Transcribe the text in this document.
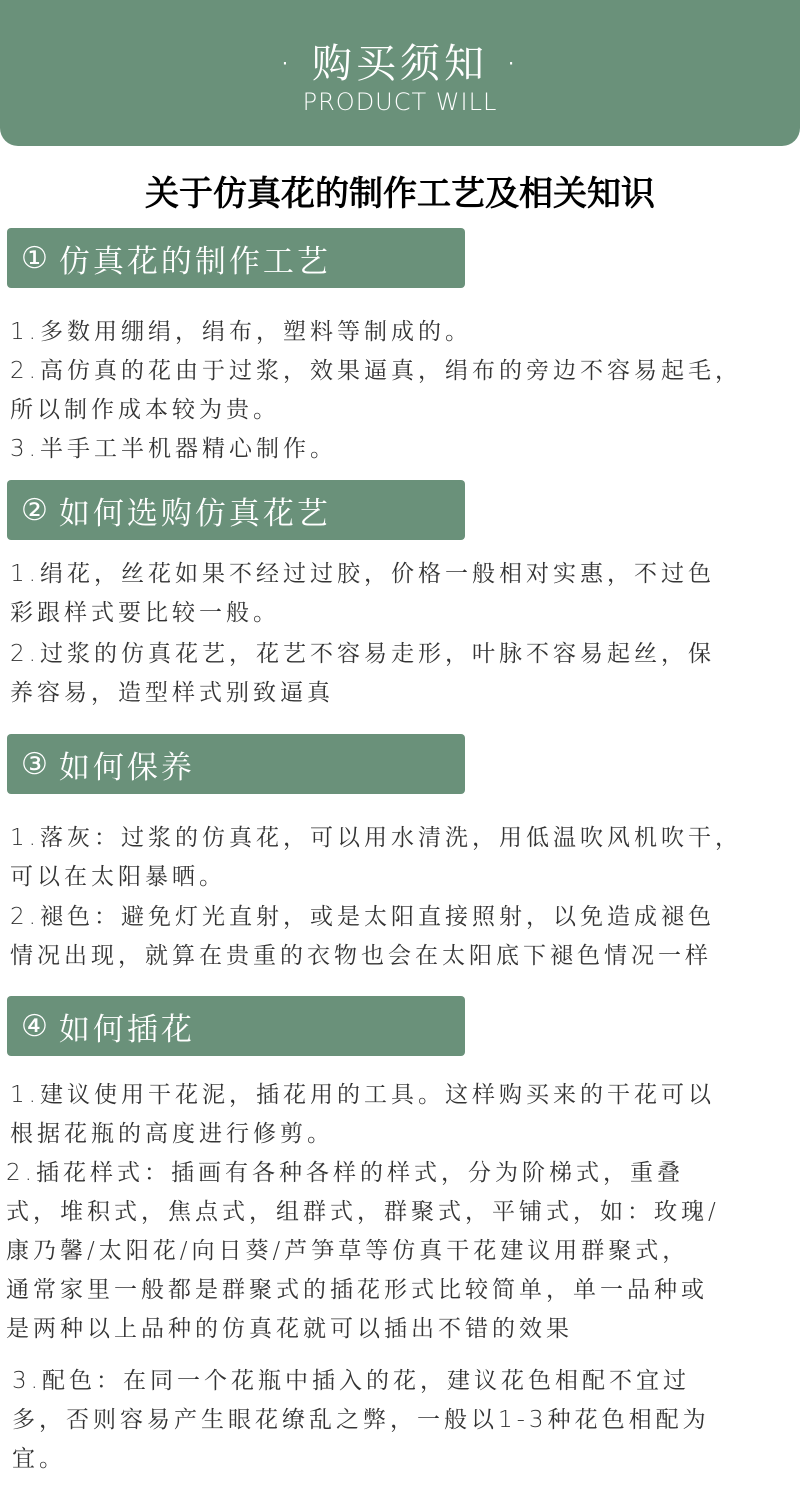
· 购买须知 ·
PRODUCT WILL
关于仿真花的制作工艺及相关知识
① 仿真花的制作工艺
1.多数用绷绢，绢布，塑料等制成的。
2.高仿真的花由于过浆，效果逼真，绢布的旁边不容易起毛，
所以制作成本较为贵。
3.半手工半机器精心制作。
② 如何选购仿真花艺
1.绢花，丝花如果不经过过胶，价格一般相对实惠，不过色
彩跟样式要比较一般。
2.过浆的仿真花艺，花艺不容易走形，叶脉不容易起丝，保
养容易，造型样式别致逼真
③ 如何保养
1.落灰：过浆的仿真花，可以用水清洗，用低温吹风机吹干，
可以在太阳暴晒。
2.褪色：避免灯光直射，或是太阳直接照射，以免造成褪色
情况出现，就算在贵重的衣物也会在太阳底下褪色情况一样
④ 如何插花
1.建议使用干花泥，插花用的工具。这样购买来的干花可以
根据花瓶的高度进行修剪。
2.插花样式：插画有各种各样的样式，分为阶梯式，重叠
式，堆积式，焦点式，组群式，群聚式，平铺式，如：玫瑰/
康乃馨/太阳花/向日葵/芦笋草等仿真干花建议用群聚式，
通常家里一般都是群聚式的插花形式比较简单，单一品种或
是两种以上品种的仿真花就可以插出不错的效果
3.配色：在同一个花瓶中插入的花，建议花色相配不宜过
多，否则容易产生眼花缭乱之弊，一般以1-3种花色相配为
宜。
